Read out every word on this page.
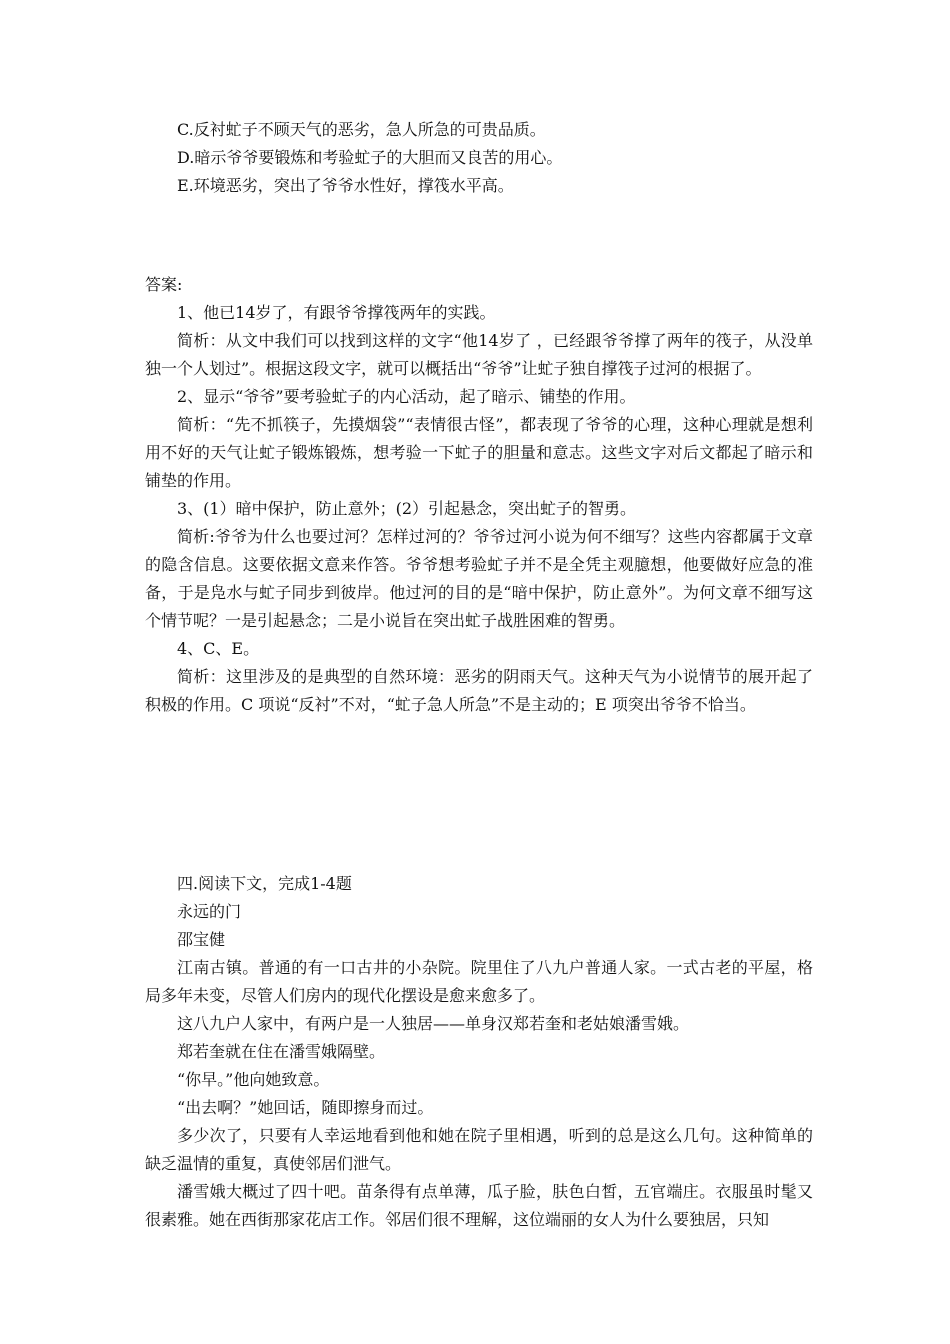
C.反衬虻子不顾天气的恶劣，急人所急的可贵品质。

D.暗示爷爷要锻炼和考验虻子的大胆而又良苦的用心。

E.环境恶劣，突出了爷爷水性好，撑筏水平高。

答案:

1、他已14岁了，有跟爷爷撑筏两年的实践。

简析：从文中我们可以找到这样的文字“他14岁了 ，已经跟爷爷撑了两年的筏子，从没单独一个人划过”。根据这段文字，就可以概括出“爷爷”让虻子独自撑筏子过河的根据了。

2、显示“爷爷”要考验虻子的内心活动，起了暗示、铺垫的作用。

简析：“先不抓筷子，先摸烟袋”“表情很古怪”，都表现了爷爷的心理，这种心理就是想利用不好的天气让虻子锻炼锻炼，想考验一下虻子的胆量和意志。这些文字对后文都起了暗示和铺垫的作用。

3、(1）暗中保护，防止意外；(2）引起悬念，突出虻子的智勇。

简析:爷爷为什么也要过河？怎样过河的？爷爷过河小说为何不细写？这些内容都属于文章的隐含信息。这要依据文意来作答。爷爷想考验虻子并不是全凭主观臆想，他要做好应急的准备，于是凫水与虻子同步到彼岸。他过河的目的是“暗中保护，防止意外”。为何文章不细写这个情节呢？一是引起悬念；二是小说旨在突出虻子战胜困难的智勇。

4、C、E。

简析：这里涉及的是典型的自然环境：恶劣的阴雨天气。这种天气为小说情节的展开起了积极的作用。C 项说“反衬”不对，“虻子急人所急”不是主动的；E 项突出爷爷不恰当。

四.阅读下文，完成1-4题

永远的门

邵宝健

江南古镇。普通的有一口古井的小杂院。院里住了八九户普通人家。一式古老的平屋，格局多年未变，尽管人们房内的现代化摆设是愈来愈多了。

这八九户人家中，有两户是一人独居——单身汉郑若奎和老姑娘潘雪娥。

郑若奎就在住在潘雪娥隔壁。

“你早。”他向她致意。

“出去啊？”她回话，随即擦身而过。

多少次了，只要有人幸运地看到他和她在院子里相遇，听到的总是这么几句。这种简单的缺乏温情的重复，真使邻居们泄气。

潘雪娥大概过了四十吧。苗条得有点单薄，瓜子脸，肤色白皙，五官端庄。衣服虽时髦又很素雅。她在西街那家花店工作。邻居们很不理解，这位端丽的女人为什么要独居，只知
